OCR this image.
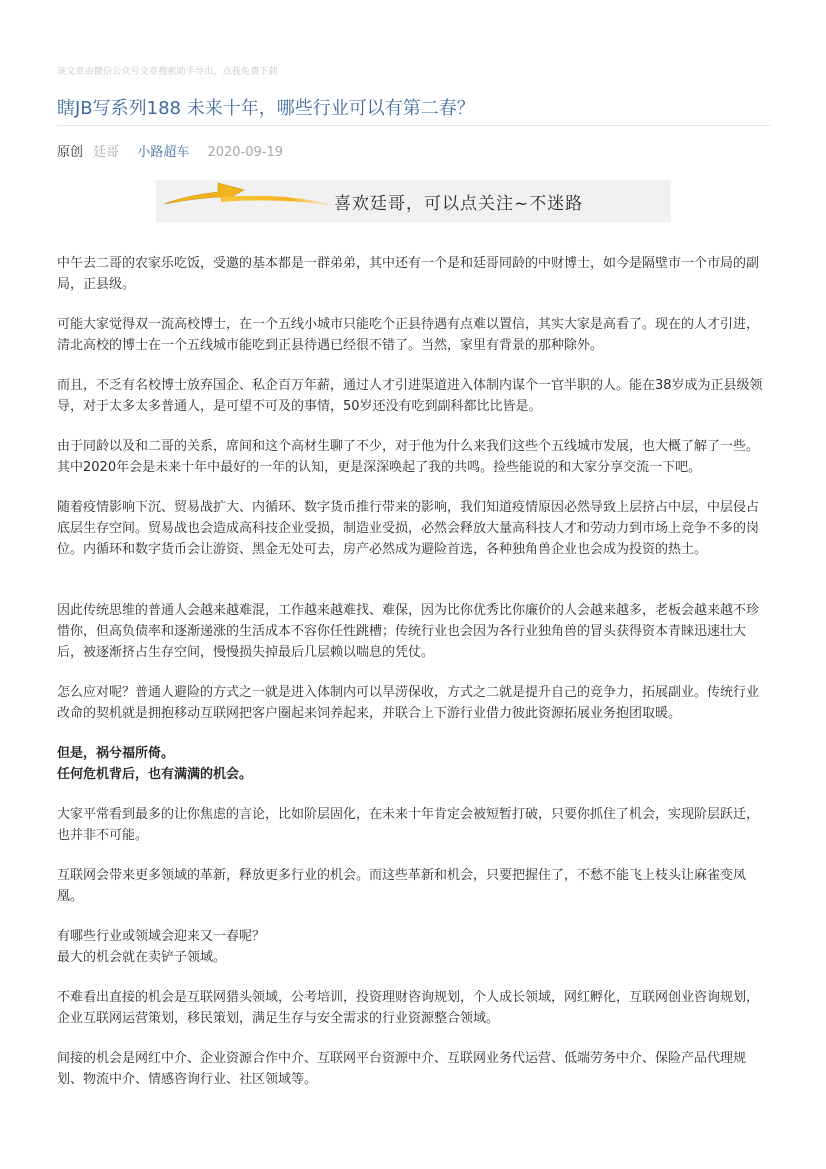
该文章由微信公众号文章搜索助手导出，点我免费下载
瞎JB写系列188 未来十年，哪些行业可以有第二春？
原创 廷哥 小路超车 2020-09-19
喜欢廷哥，可以点关注~不迷路

中午去二哥的农家乐吃饭，受邀的基本都是一群弟弟，其中还有一个是和廷哥同龄的中财博士，如今是隔壁市一个市局的副局，正县级。

可能大家觉得双一流高校博士，在一个五线小城市只能吃个正县待遇有点难以置信，其实大家是高看了。现在的人才引进，清北高校的博士在一个五线城市能吃到正县待遇已经很不错了。当然，家里有背景的那种除外。

而且，不乏有名校博士放弃国企、私企百万年薪，通过人才引进渠道进入体制内谋个一官半职的人。能在38岁成为正县级领导，对于太多太多普通人，是可望不可及的事情，50岁还没有吃到副科都比比皆是。

由于同龄以及和二哥的关系，席间和这个高材生聊了不少，对于他为什么来我们这些个五线城市发展，也大概了解了一些。其中2020年会是未来十年中最好的一年的认知，更是深深唤起了我的共鸣。捡些能说的和大家分享交流一下吧。

随着疫情影响下沉、贸易战扩大、内循环、数字货币推行带来的影响，我们知道疫情原因必然导致上层挤占中层，中层侵占底层生存空间。贸易战也会造成高科技企业受损，制造业受损，必然会释放大量高科技人才和劳动力到市场上竞争不多的岗位。内循环和数字货币会让游资、黑金无处可去，房产必然成为避险首选，各种独角兽企业也会成为投资的热土。

因此传统思维的普通人会越来越难混，工作越来越难找、难保，因为比你优秀比你廉价的人会越来越多，老板会越来越不珍惜你，但高负债率和逐渐递涨的生活成本不容你任性跳槽；传统行业也会因为各行业独角兽的冒头获得资本青睐迅速壮大后，被逐渐挤占生存空间，慢慢损失掉最后几层赖以喘息的凭仗。

怎么应对呢？普通人避险的方式之一就是进入体制内可以旱涝保收，方式之二就是提升自己的竞争力，拓展副业。传统行业改命的契机就是拥抱移动互联网把客户圈起来饲养起来，并联合上下游行业借力彼此资源拓展业务抱团取暖。

但是，祸兮福所倚。
任何危机背后，也有满满的机会。

大家平常看到最多的让你焦虑的言论，比如阶层固化，在未来十年肯定会被短暂打破，只要你抓住了机会，实现阶层跃迁，也并非不可能。

互联网会带来更多领域的革新，释放更多行业的机会。而这些革新和机会，只要把握住了，不愁不能飞上枝头让麻雀变凤凰。

有哪些行业或领域会迎来又一春呢？
最大的机会就在卖铲子领域。

不难看出直接的机会是互联网猎头领域，公考培训，投资理财咨询规划，个人成长领域，网红孵化，互联网创业咨询规划，企业互联网运营策划，移民策划，满足生存与安全需求的行业资源整合领域。

间接的机会是网红中介、企业资源合作中介、互联网平台资源中介、互联网业务代运营、低端劳务中介、保险产品代理规划、物流中介、情感咨询行业、社区领域等。
